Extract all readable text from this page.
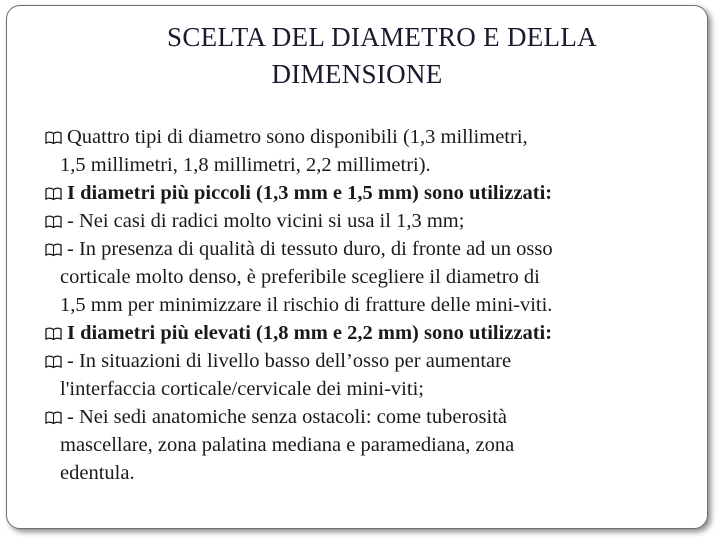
SCELTA DEL DIAMETRO E DELLA
DIMENSIONE
Quattro tipi di diametro sono disponibili (1,3 millimetri,
1,5 millimetri, 1,8 millimetri, 2,2 millimetri).
I diametri più piccoli (1,3 mm e 1,5 mm) sono utilizzati:
- Nei casi di radici molto vicini si usa il 1,3 mm;
- In presenza di qualità di tessuto duro, di fronte ad un osso
corticale molto denso, è preferibile scegliere il diametro di
1,5 mm per minimizzare il rischio di fratture delle mini-viti.
I diametri più elevati (1,8 mm e 2,2 mm) sono utilizzati:
- In situazioni di livello basso dell’osso per aumentare
l'interfaccia corticale/cervicale dei mini-viti;
- Nei sedi anatomiche senza ostacoli: come tuberosità
mascellare, zona palatina mediana e paramediana, zona
edentula.
